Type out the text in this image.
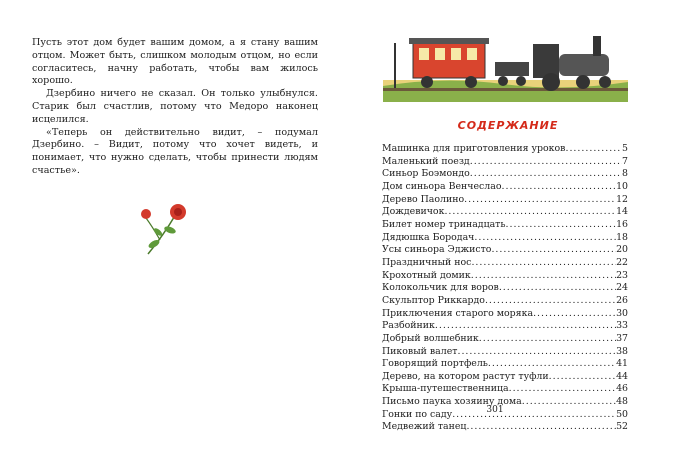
Пусть этот дом будет вашим домом, а я стану вашим отцом. Может быть, слишком молодым отцом, но если согласитесь, начну работать, чтобы вам жилось хорошо.

Дзербино ничего не сказал. Он только улыбнулся. Старик был счастлив, потому что Медоро наконец исцелился.

«Теперь он действительно видит, – подумал Дзербино. – Видит, потому что хочет видеть, и понимает, что нужно сделать, чтобы принести людям счастье».

СОДЕРЖАНИЕ
Машинка для приготовления уроков .....	5
Маленький поезд .....	7
Синьор Боэмондо .....	8
Дом синьора Венчеслао .....	10
Дерево Паолино .....	12
Дождевичок .....	14
Билет номер тринадцать .....	16
Дядюшка Бородач .....	18
Усы синьора Эджисто .....	20
Праздничный нос .....	22
Крохотный домик .....	23
Колокольчик для воров .....	24
Скульптор Риккардо .....	26
Приключения старого моряка .....	30
Разбойник .....	33
Добрый волшебник .....	37
Пиковый валет .....	38
Говорящий портфель .....	41
Дерево, на котором растут туфли .....	44
Крыша-путешественница .....	46
Письмо паука хозяину дома .....	48
Гонки по саду .....	50
Медвежий танец .....	52
301
